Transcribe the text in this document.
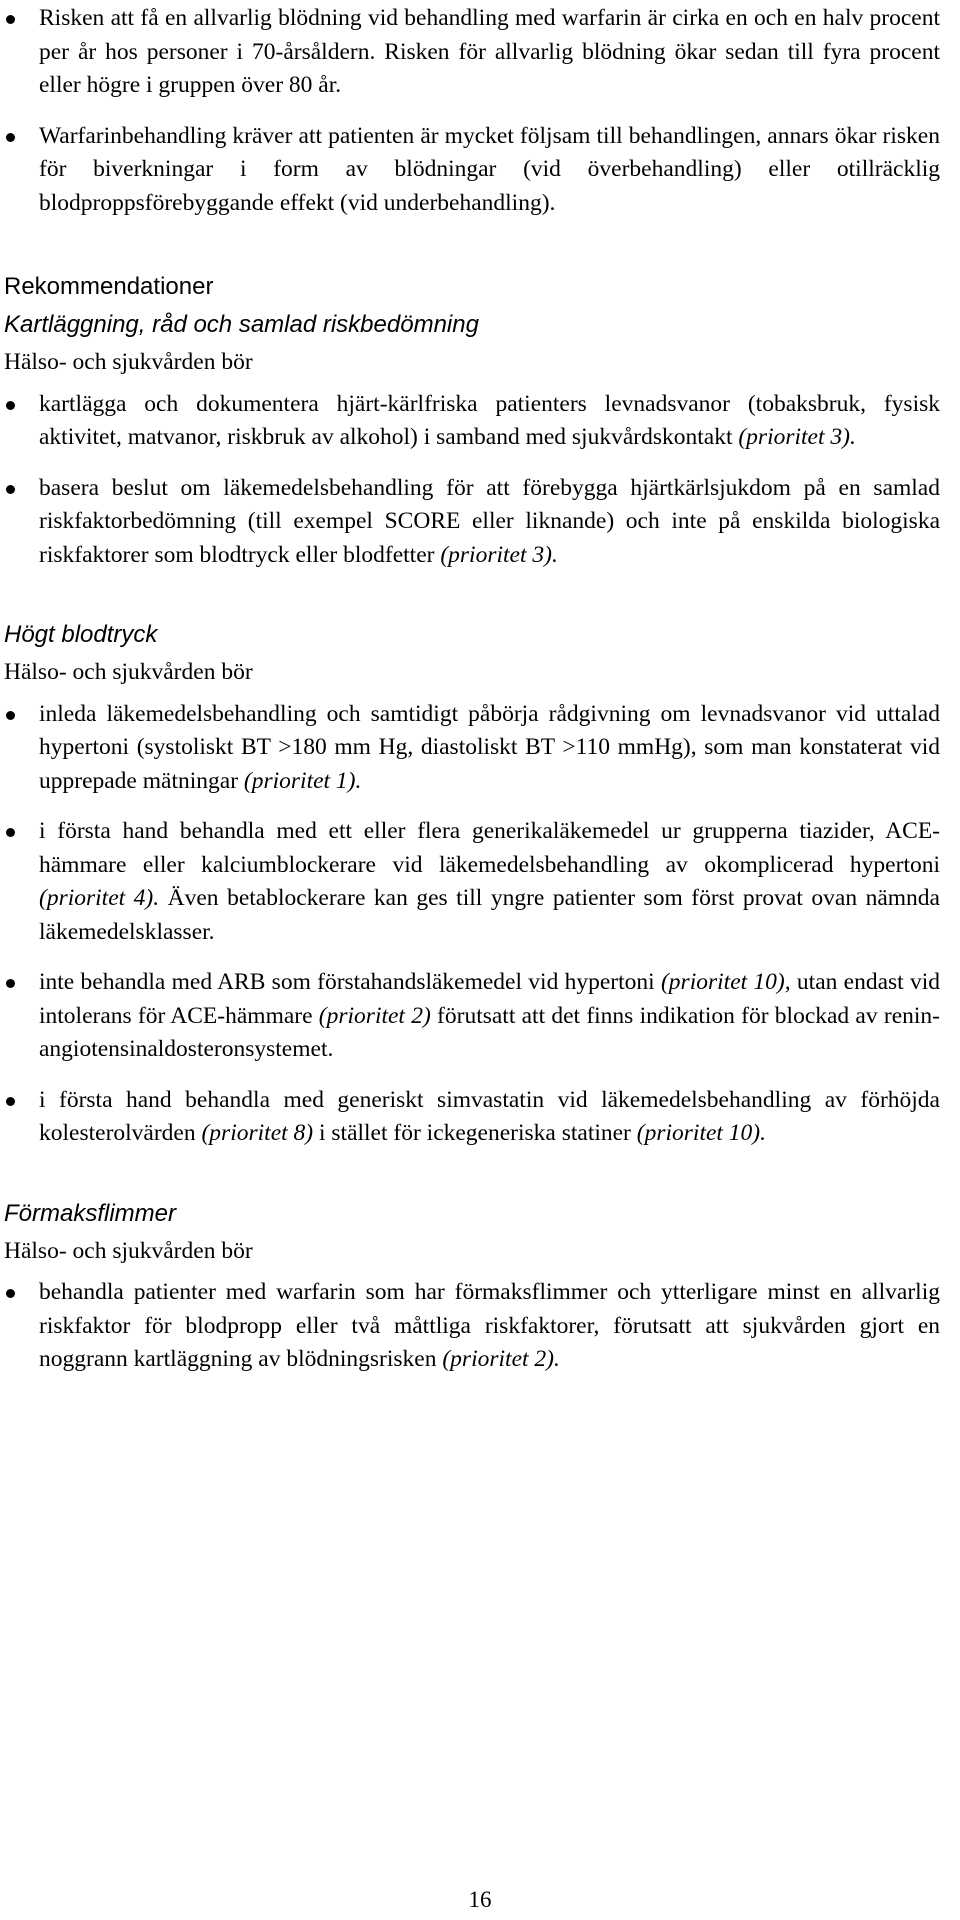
Risken att få en allvarlig blödning vid behandling med warfarin är cirka en och en halv procent per år hos personer i 70-årsåldern. Risken för allvarlig blödning ökar sedan till fyra procent eller högre i gruppen över 80 år.
Warfarinbehandling kräver att patienten är mycket följsam till behandlingen, annars ökar risken för biverkningar i form av blödningar (vid överbehandling) eller otillräcklig blodproppsförebyggande effekt (vid underbehandling).
Rekommendationer
Kartläggning, råd och samlad riskbedömning

Hälso- och sjukvården bör

kartlägga och dokumentera hjärt-kärlfriska patienters levnadsvanor (tobaksbruk, fysisk aktivitet, matvanor, riskbruk av alkohol) i samband med sjukvårdskontakt (prioritet 3).
basera beslut om läkemedelsbehandling för att förebygga hjärtkärlsjukdom på en samlad riskfaktorbedömning (till exempel SCORE eller liknande) och inte på enskilda biologiska riskfaktorer som blodtryck eller blodfetter (prioritet 3).
Högt blodtryck

Hälso- och sjukvården bör

inleda läkemedelsbehandling och samtidigt påbörja rådgivning om levnadsvanor vid uttalad hypertoni (systoliskt BT >180 mm Hg, diastoliskt BT >110 mmHg), som man konstaterat vid upprepade mätningar (prioritet 1).
i första hand behandla med ett eller flera generikaläkemedel ur grupperna tiazider, ACE-hämmare eller kalciumblockerare vid läkemedelsbehandling av okomplicerad hypertoni (prioritet 4). Även betablockerare kan ges till yngre patienter som först provat ovan nämnda läkemedelsklasser.
inte behandla med ARB som förstahandsläkemedel vid hypertoni (prioritet 10), utan endast vid intolerans för ACE-hämmare (prioritet 2) förutsatt att det finns indikation för blockad av renin-angiotensinaldosteronsystemet.
i första hand behandla med generiskt simvastatin vid läkemedelsbehandling av förhöjda kolesterolvärden (prioritet 8) i stället för ickegeneriska statiner (prioritet 10).
Förmaksflimmer

Hälso- och sjukvården bör

behandla patienter med warfarin som har förmaksflimmer och ytterligare minst en allvarlig riskfaktor för blodpropp eller två måttliga riskfaktorer, förutsatt att sjukvården gjort en noggrann kartläggning av blödningsrisken (prioritet 2).
16
